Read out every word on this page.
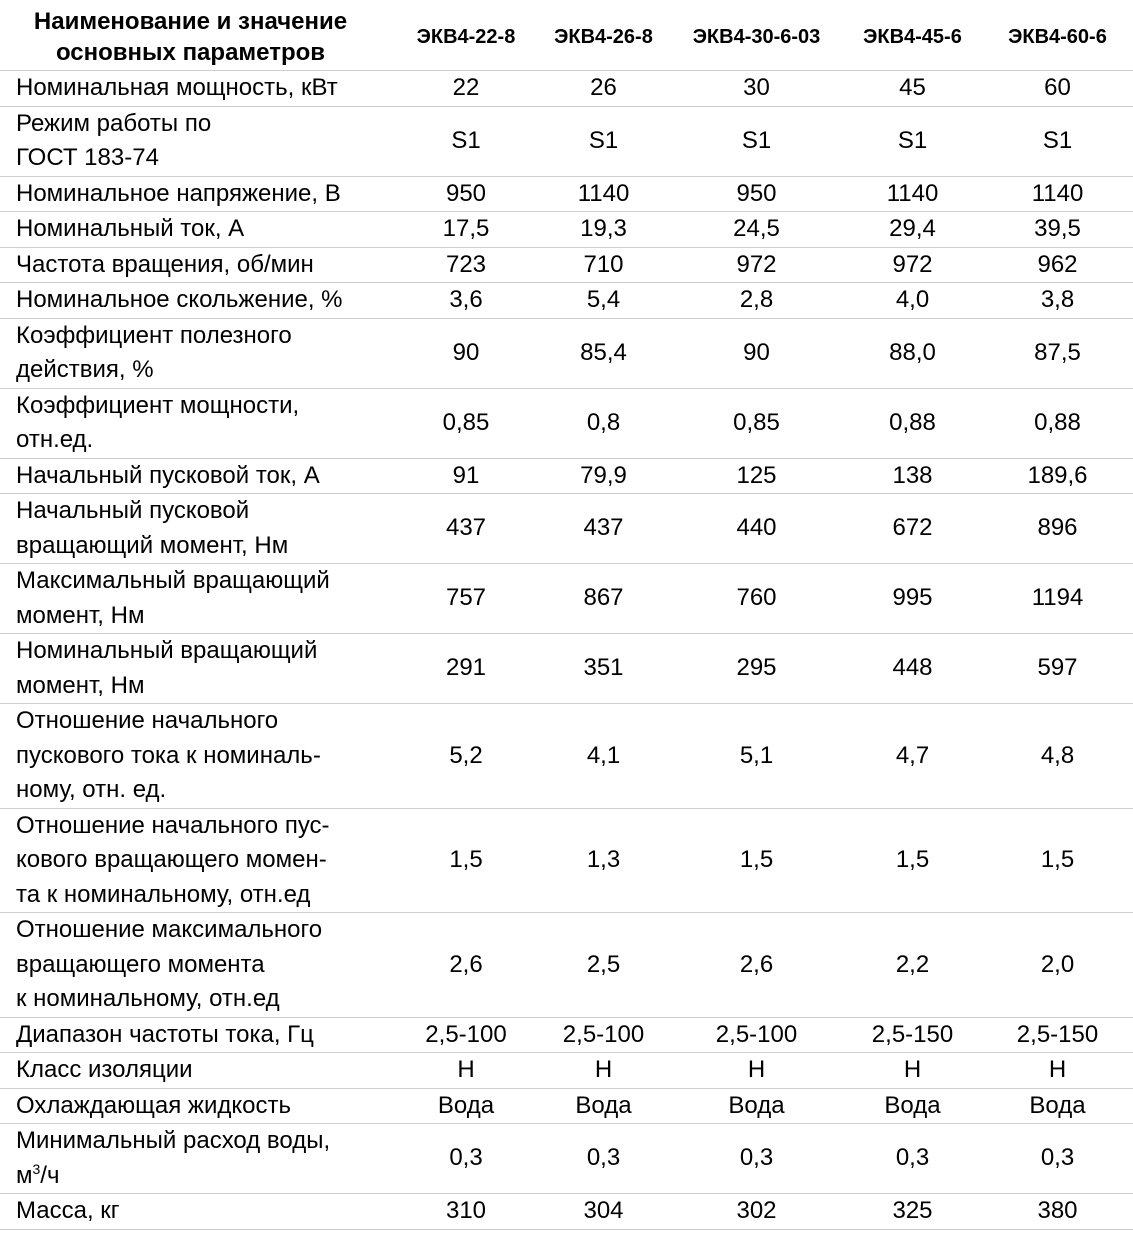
Наименование и значение
основных параметров	ЭКВ4-22-8	ЭКВ4-26-8	ЭКВ4-30-6-03	ЭКВ4-45-6	ЭКВ4-60-6
Номинальная мощность, кВт	22	26	30	45	60
Режим работы по
ГОСТ 183-74	S1	S1	S1	S1	S1
Номинальное напряжение, В	950	1140	950	1140	1140
Номинальный ток, А	17,5	19,3	24,5	29,4	39,5
Частота вращения, об/мин	723	710	972	972	962
Номинальное скольжение, %	3,6	5,4	2,8	4,0	3,8
Коэффициент полезного
действия, %	90	85,4	90	88,0	87,5
Коэффициент мощности,
отн.ед.	0,85	0,8	0,85	0,88	0,88
Начальный пусковой ток, А	91	79,9	125	138	189,6
Начальный пусковой
вращающий момент, Нм	437	437	440	672	896
Максимальный вращающий
момент, Нм	757	867	760	995	1194
Номинальный вращающий
момент, Нм	291	351	295	448	597
Отношение начального
пускового тока к номиналь-
ному, отн. ед.	5,2	4,1	5,1	4,7	4,8
Отношение начального пус-
кового вращающего момен-
та к номинальному, отн.ед	1,5	1,3	1,5	1,5	1,5
Отношение максимального
вращающего момента
к номинальному, отн.ед	2,6	2,5	2,6	2,2	2,0
Диапазон частоты тока, Гц	2,5-100	2,5-100	2,5-100	2,5-150	2,5-150
Класс изоляции	Н	Н	Н	Н	Н
Охлаждающая жидкость	Вода	Вода	Вода	Вода	Вода
Минимальный расход воды,
$м^3/ч$	0,3	0,3	0,3	0,3	0,3
Масса, кг	310	304	302	325	380
